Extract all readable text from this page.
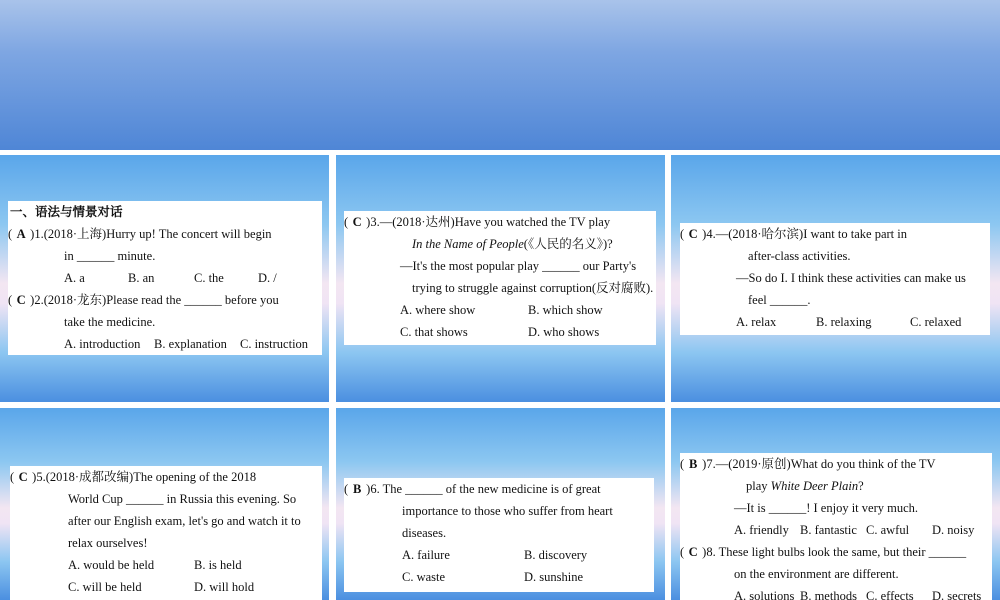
一、语法与情景对话
( A )1.(2018·上海)Hurry up! The concert will begin
in ______ minute.
A. a	B. an	C. the	D. /
( C )2.(2018·龙东)Please read the ______ before you
take the medicine.
A. introduction B. explanation C. instruction
( C )3.—(2018·达州)Have you watched the TV play
In the Name of People(《人民的名义》)?
—It's the most popular play ______ our Party's
trying to struggle against corruption(反对腐败).
A. where show	B. which show
C. that shows	D. who shows
( C )4.—(2018·哈尔滨)I want to take part in
after-class activities.
—So do I. I think these activities can make us
feel ______.
A. relax	B. relaxing	C. relaxed
( C )5.(2018·成都改编)The opening of the 2018
World Cup ______ in Russia this evening. So
after our English exam, let's go and watch it to
relax ourselves!
A. would be held	B. is held
C. will be held	D. will hold
( B )6. The ______ of the new medicine is of great
importance to those who suffer from heart
diseases.
A. failure	B. discovery
C. waste	D. sunshine
( B )7.—(2019·原创)What do you think of the TV
play White Deer Plain?
—It is ______! I enjoy it very much.
A. friendly B. fantastic C. awful D. noisy
( C )8. These light bulbs look the same, but their ______
on the environment are different.
A. solutions B. methods C. effects D. secrets
